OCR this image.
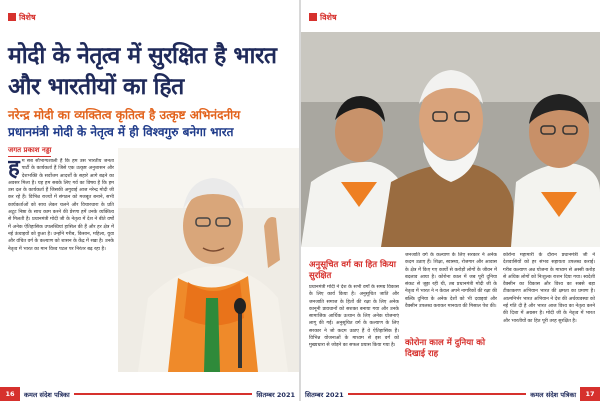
विशेष
मोदी के नेतृत्व में सुरक्षित है भारत और भारतीयों का हित
नरेन्द्र मोदी का व्यक्तित्व कृतित्व है उत्कृष्ट अभिनंदनीय
प्रधानमंत्री मोदी के नेतृत्व में ही विश्वगुरु बनेगा भारत
जगत प्रकाश नड्डा
ह म सब सौभाग्यशाली हैं कि हम उस भारतीय जनता पार्टी के कार्यकर्ता हैं जिसे एक उत्कृष्ट अनुशासन और देशभक्ति के सर्वोत्तम आदर्शों के सहारे आगे बढ़ने का अवसर मिला है। यह हम सबके लिए गर्व का विषय है कि हम उस दल के कार्यकर्ता हैं जिसकी अगुवाई आज नरेन्द्र मोदी जी कर रहे हैं। विभिन्न राज्यों में संगठन को मजबूत बनाने, सभी कार्यकर्ताओं को साथ लेकर चलने और विचारधारा के प्रति अटूट निष्ठा के साथ काम करने की प्रेरणा हमें उनके व्यक्तित्व से मिलती है। प्रधानमंत्री मोदी जी के नेतृत्व में देश ने बीते वर्षों में अनेक ऐतिहासिक उपलब्धियां हासिल की हैं और हर क्षेत्र में नई ऊंचाइयों को छुआ है। उन्होंने गरीब, किसान, महिला, युवा और वंचित वर्ग के कल्याण को शासन के केंद्र में रखा है। उनके नेतृत्व में भारत का मान विश्व पटल पर निरंतर बढ़ रहा है।
16	कमल संदेश पत्रिका	सितम्बर 2021
विशेष
अनुसूचित वर्ग का हित किया सुरक्षित
प्रधानमंत्री मोदी ने देश के सभी वर्गों के समग्र विकास के लिए कार्य किया है। अनुसूचित जाति और जनजाति समाज के हितों की रक्षा के लिए अनेक कानूनी प्रावधानों को सशक्त बनाया गया और उनके सामाजिक आर्थिक उत्थान के लिए अनेक योजनाएं लागू की गईं। अनुसूचित वर्ग के कल्याण के लिए सरकार ने जो कदम उठाए हैं वे ऐतिहासिक हैं। विभिन्न योजनाओं के माध्यम से इस वर्ग को मुख्यधारा से जोड़ने का सफल प्रयास किया गया है।
जनजाति वर्ग के कल्याण के लिए सरकार ने अनेक कदम उठाए हैं। शिक्षा, स्वास्थ्य, रोजगार और आवास के क्षेत्र में किए गए कार्यों से करोड़ों लोगों के जीवन में बदलाव आया है। कोरोना काल में जब पूरी दुनिया संकट से जूझ रही थी, तब प्रधानमंत्री मोदी जी के नेतृत्व में भारत ने न केवल अपने नागरिकों की रक्षा की बल्कि दुनिया के अनेक देशों को भी दवाइयां और वैक्सीन उपलब्ध कराकर मानवता की मिसाल पेश की।
कोरोना काल में दुनिया को दिखाई राह
कोरोना महामारी के दौरान प्रधानमंत्री जी ने देशवासियों को हर संभव सहायता उपलब्ध कराई। गरीब कल्याण अन्न योजना के माध्यम से अस्सी करोड़ से अधिक लोगों को निःशुल्क राशन दिया गया। स्वदेशी वैक्सीन का विकास और विश्व का सबसे बड़ा टीकाकरण अभियान भारत की क्षमता का प्रमाण है। आत्मनिर्भर भारत अभियान ने देश की अर्थव्यवस्था को नई गति दी है और भारत आज विश्व का नेतृत्व करने की दिशा में अग्रसर है। मोदी जी के नेतृत्व में भारत और भारतीयों का हित पूरी तरह सुरक्षित है।
सितम्बर 2021	कमल संदेश पत्रिका	17
